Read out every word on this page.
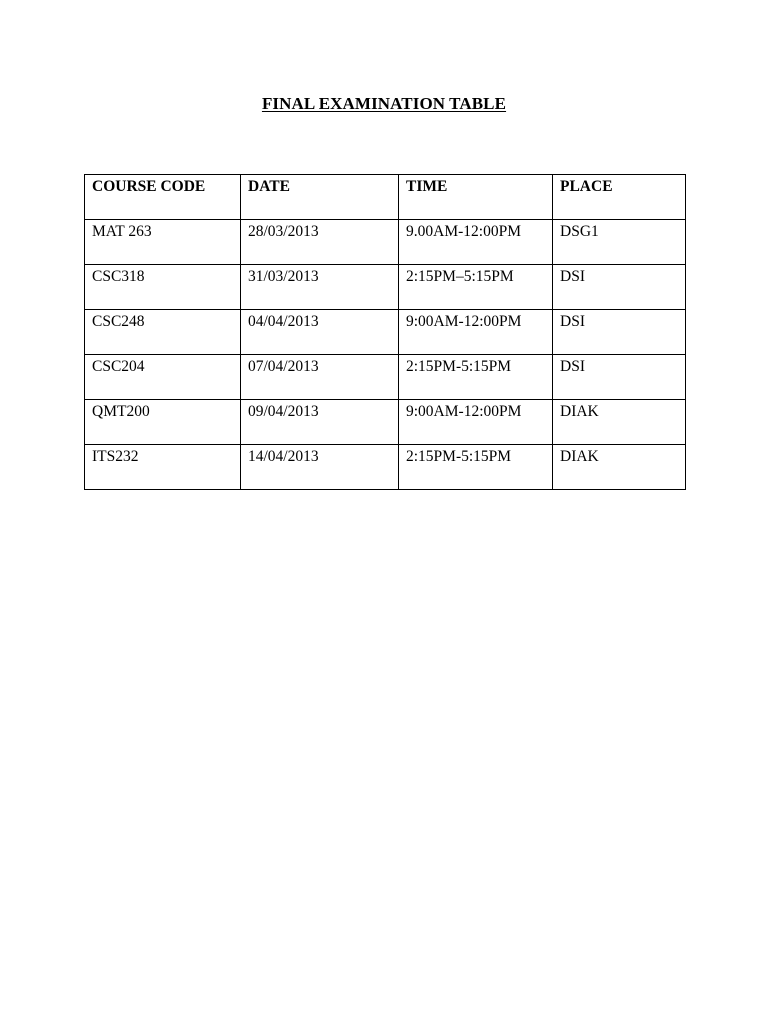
FINAL EXAMINATION TABLE
COURSE CODE	DATE	TIME	PLACE
MAT 263	28/03/2013	9.00AM-12:00PM	DSG1
CSC318	31/03/2013	2:15PM–5:15PM	DSI
CSC248	04/04/2013	9:00AM-12:00PM	DSI
CSC204	07/04/2013	2:15PM-5:15PM	DSI
QMT200	09/04/2013	9:00AM-12:00PM	DIAK
ITS232	14/04/2013	2:15PM-5:15PM	DIAK
